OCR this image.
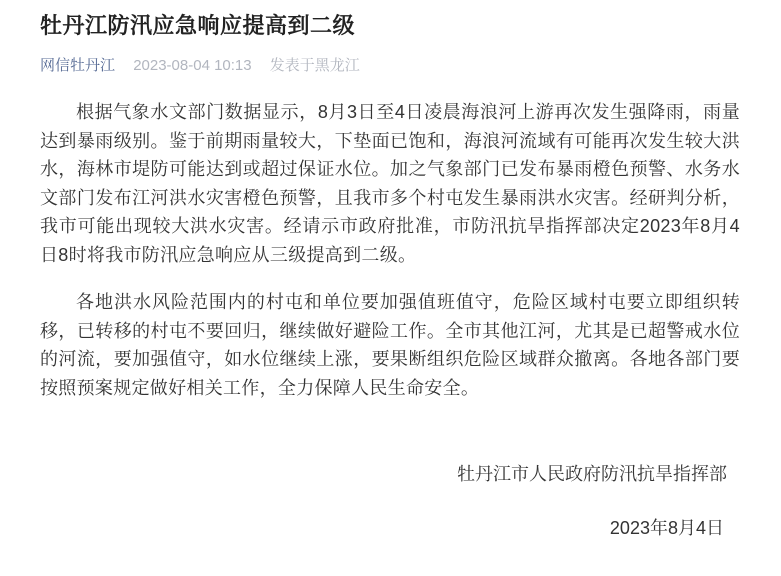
牡丹江防汛应急响应提高到二级
网信牡丹江 2023-08-04 10:13 发表于黑龙江

根据气象水文部门数据显示，8月3日至4日凌晨海浪河上游再次发生强降雨，雨量达到暴雨级别。鉴于前期雨量较大，下垫面已饱和，海浪河流域有可能再次发生较大洪水，海林市堤防可能达到或超过保证水位。加之气象部门已发布暴雨橙色预警、水务水文部门发布江河洪水灾害橙色预警，且我市多个村屯发生暴雨洪水灾害。经研判分析，我市可能出现较大洪水灾害。经请示市政府批准，市防汛抗旱指挥部决定2023年8月4日8时将我市防汛应急响应从三级提高到二级。

各地洪水风险范围内的村屯和单位要加强值班值守，危险区域村屯要立即组织转移，已转移的村屯不要回归，继续做好避险工作。全市其他江河，尤其是已超警戒水位的河流，要加强值守，如水位继续上涨，要果断组织危险区域群众撤离。各地各部门要按照预案规定做好相关工作，全力保障人民生命安全。

牡丹江市人民政府防汛抗旱指挥部
2023年8月4日
